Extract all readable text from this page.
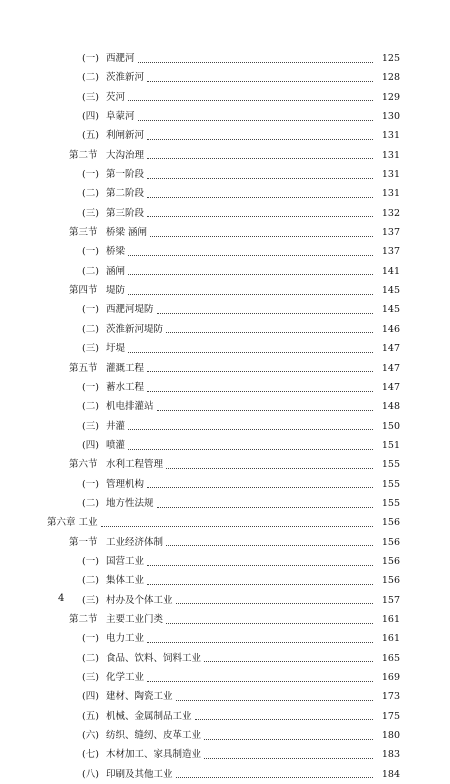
(一) 西淝河	125
(二) 茨淮新河	128
(三) 芡河	129
(四) 阜蒙河	130
(五) 利闸新河	131
第二节 大沟治理	131
(一) 第一阶段	131
(二) 第二阶段	131
(三) 第三阶段	132
第三节 桥梁 涵闸	137
(一) 桥梁	137
(二) 涵闸	141
第四节 堤防	145
(一) 西淝河堤防	145
(二) 茨淮新河堤防	146
(三) 圩堤	147
第五节 灌溉工程	147
(一) 蓄水工程	147
(二) 机电排灌站	148
(三) 井灌	150
(四) 喷灌	151
第六节 水利工程管理	155
(一) 管理机构	155
(二) 地方性法规	155
第六章 工业	156
第一节 工业经济体制	156
(一) 国营工业	156
(二) 集体工业	156
(三) 村办及个体工业	157
第二节 主要工业门类	161
(一) 电力工业	161
(二) 食品、饮料、饲料工业	165
(三) 化学工业	169
(四) 建材、陶瓷工业	173
(五) 机械、金属制品工业	175
(六) 纺织、缝纫、皮革工业	180
(七) 木材加工、家具制造业	183
(八) 印刷及其他工业	184
4
